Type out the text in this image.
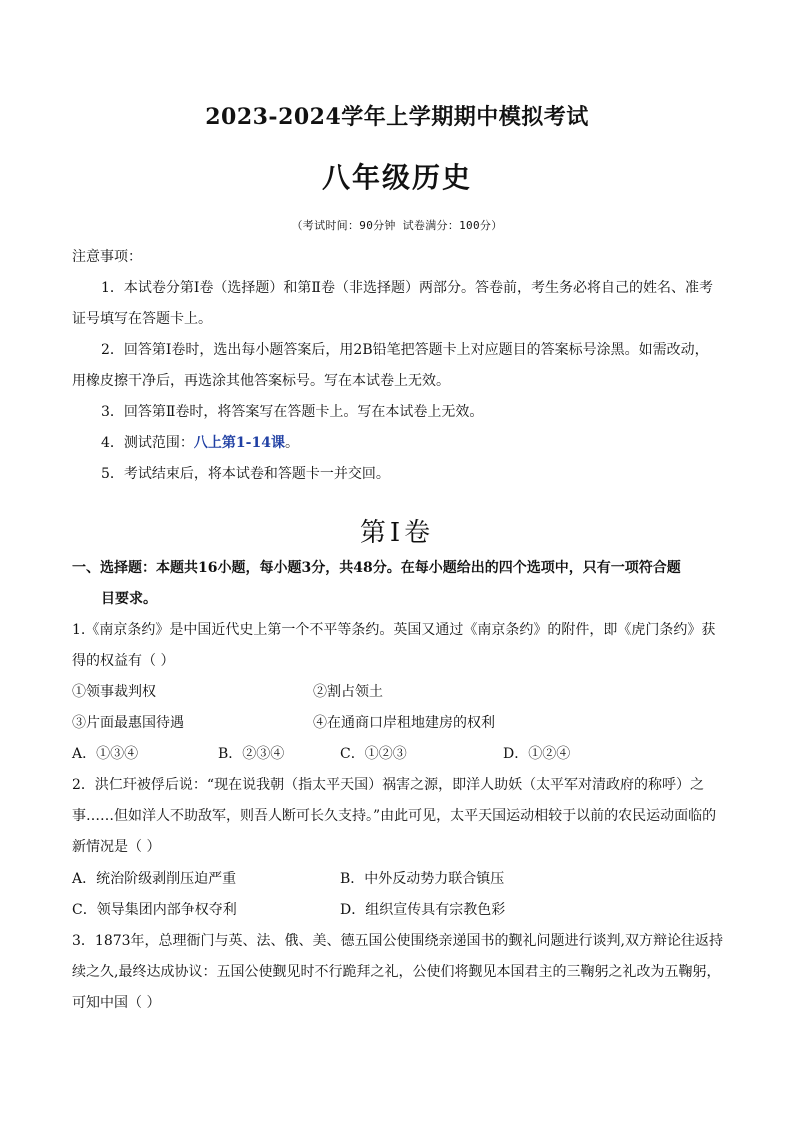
2023-2024学年上学期期中模拟考试
八年级历史
（考试时间：90分钟 试卷满分：100分）
注意事项：
1．本试卷分第Ⅰ卷（选择题）和第Ⅱ卷（非选择题）两部分。答卷前，考生务必将自己的姓名、准考
证号填写在答题卡上。
2．回答第Ⅰ卷时，选出每小题答案后，用2B铅笔把答题卡上对应题目的答案标号涂黑。如需改动，
用橡皮擦干净后，再选涂其他答案标号。写在本试卷上无效。
3．回答第Ⅱ卷时，将答案写在答题卡上。写在本试卷上无效。
4．测试范围：八上第1-14课。
5．考试结束后，将本试卷和答题卡一并交回。
第Ⅰ卷
一、选择题：本题共16小题，每小题3分，共48分。在每小题给出的四个选项中，只有一项符合题
目要求。
1.《南京条约》是中国近代史上第一个不平等条约。英国又通过《南京条约》的附件，即《虎门条约》获
得的权益有（ ）
①领事裁判权	②割占领土
③片面最惠国待遇	④在通商口岸租地建房的权利
A．①③④	B．②③④	C．①②③	D．①②④
2．洪仁玕被俘后说：“现在说我朝（指太平天国）祸害之源，即洋人助妖（太平军对清政府的称呼）之
事……但如洋人不助敌军，则吾人断可长久支持。”由此可见，太平天国运动相较于以前的农民运动面临的
新情况是（ ）
A．统治阶级剥削压迫严重	B．中外反动势力联合镇压
C．领导集团内部争权夺利	D．组织宣传具有宗教色彩
3．1873年，总理衙门与英、法、俄、美、德五国公使围绕亲递国书的觐礼问题进行谈判,双方辩论往返持
续之久,最终达成协议：五国公使觐见时不行跪拜之礼，公使们将觐见本国君主的三鞠躬之礼改为五鞠躬，
可知中国（ ）
